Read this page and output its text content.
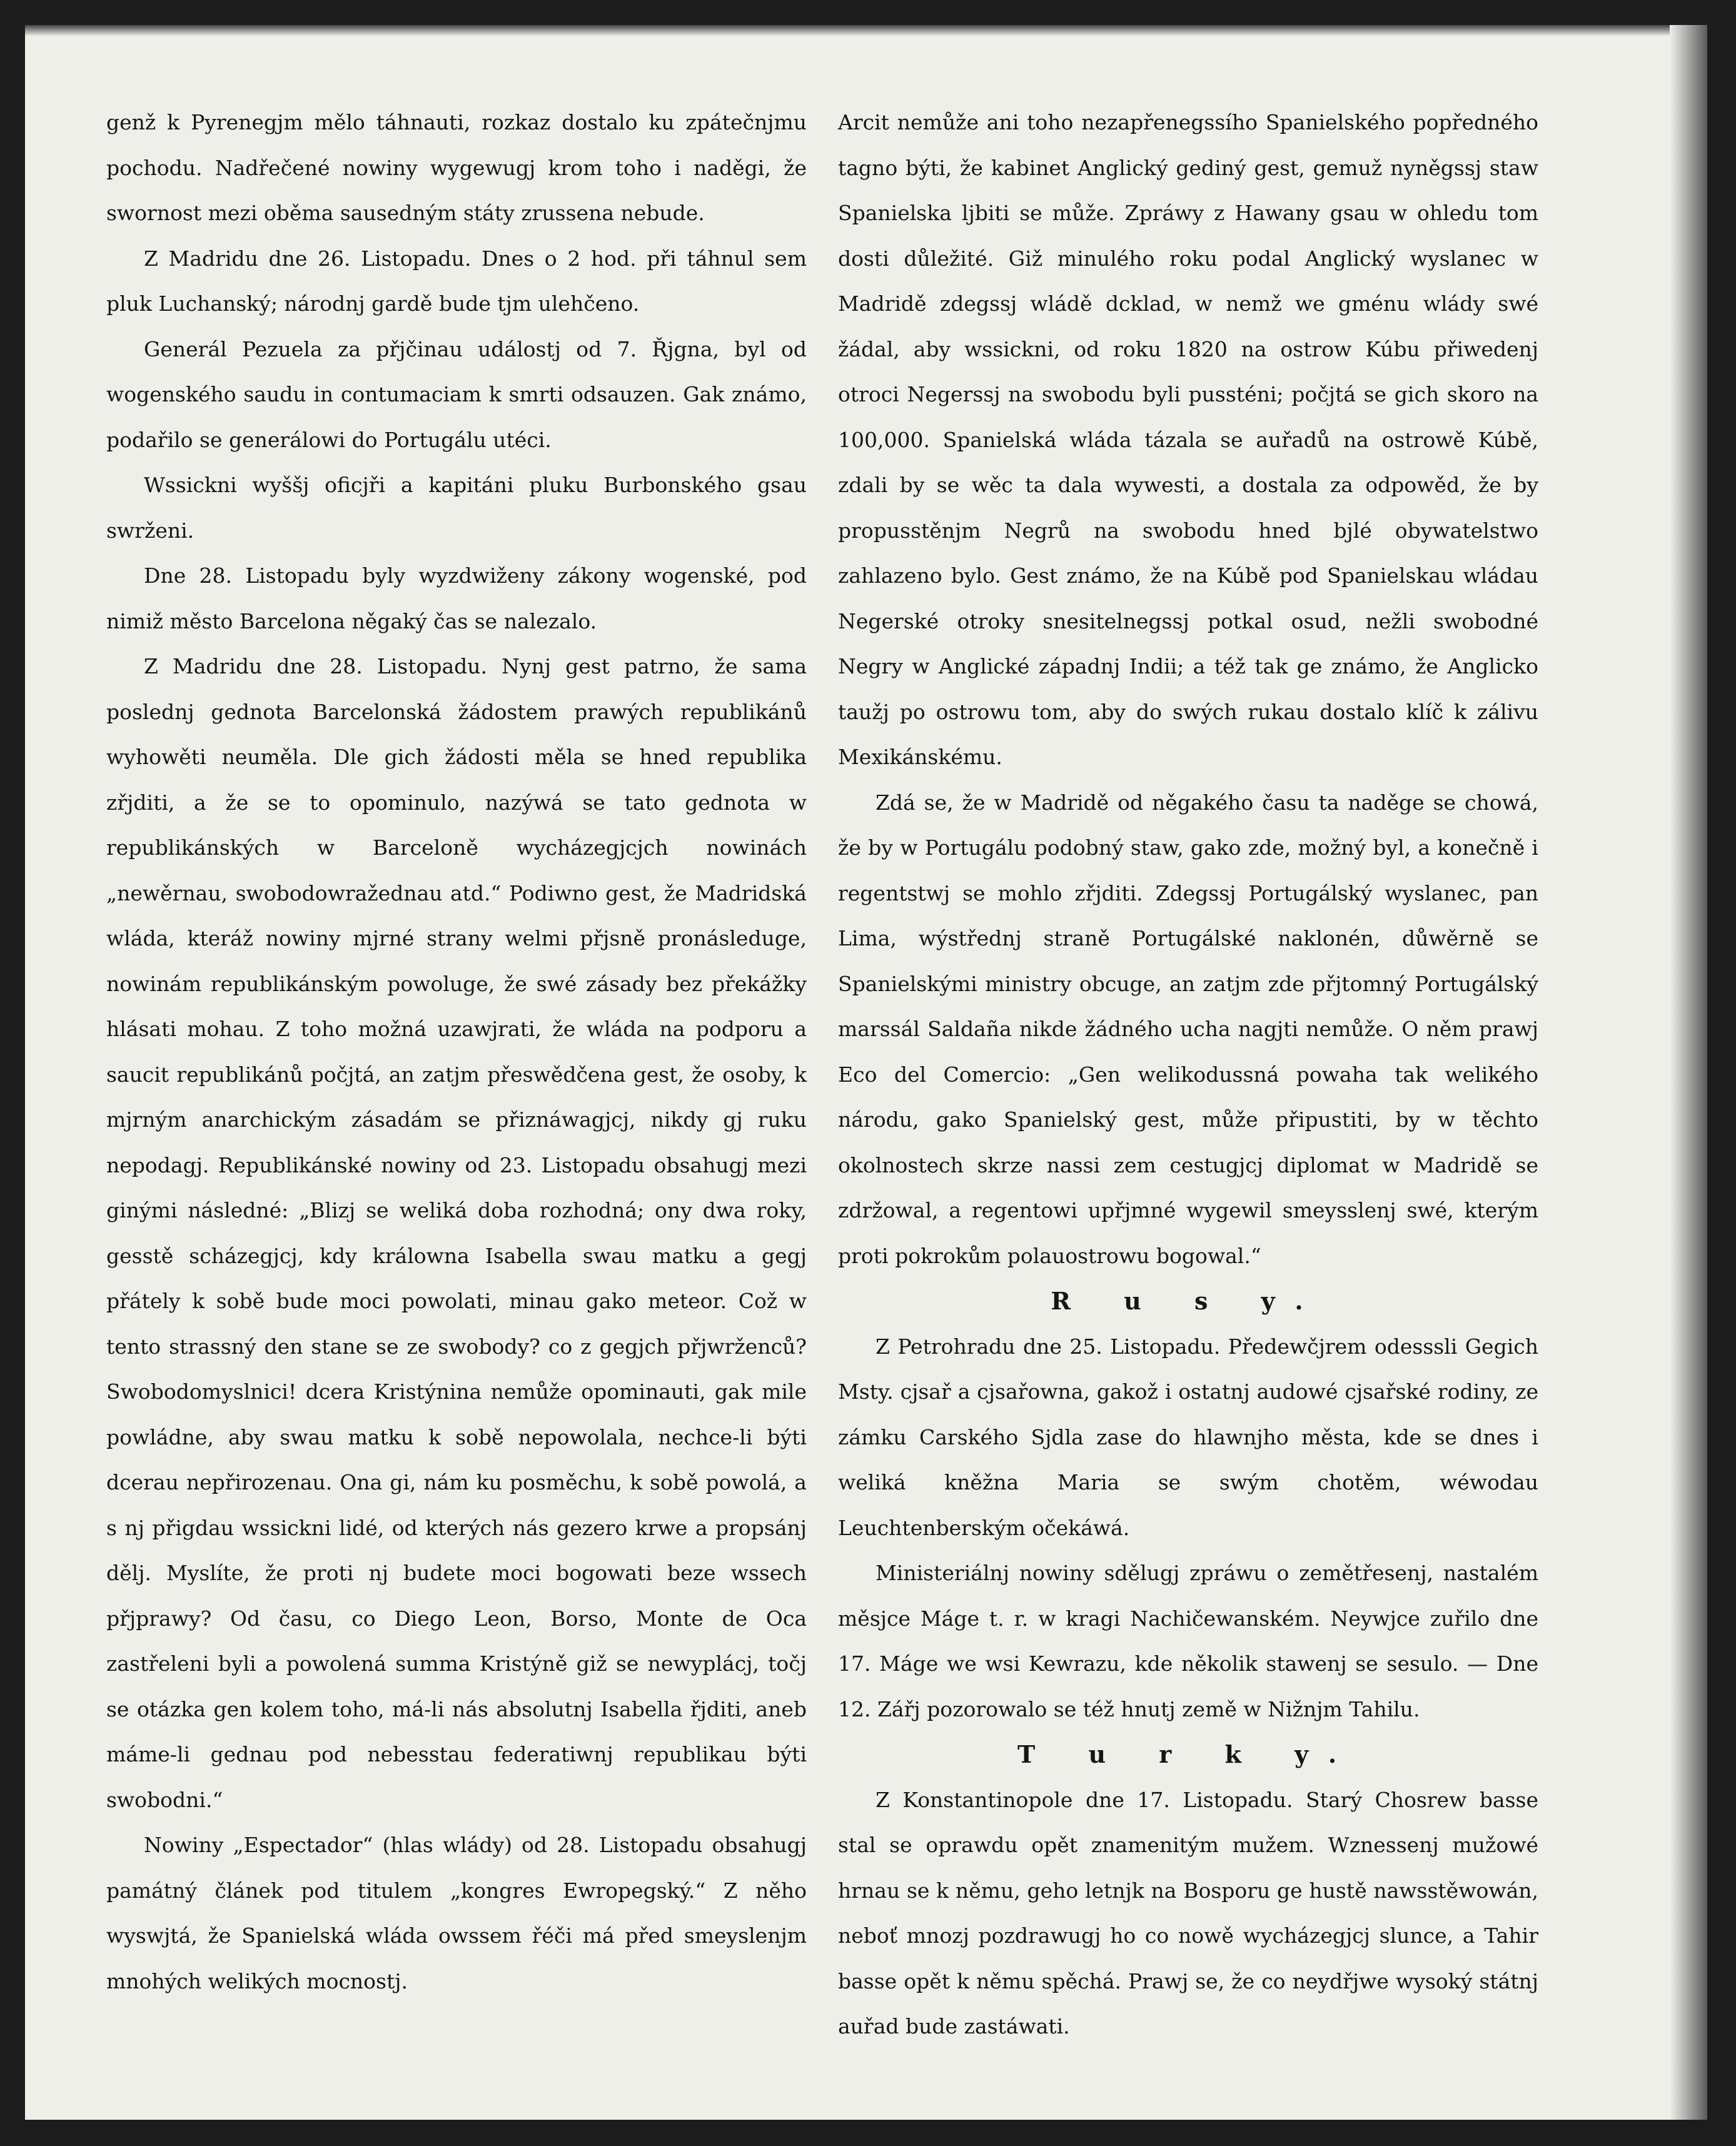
genž k Pyrenegjm mělo táhnauti, rozkaz dostalo ku zpátečnjmu pochodu. Nadřečené nowiny wygewugj krom toho i naděgi, že swornost mezi oběma sausedným státy zrussena nebude.

Z Madridu dne 26. Listopadu. Dnes o 2 hod. při táhnul sem pluk Luchanský; národnj gardě bude tjm ulehčeno.

Generál Pezuela za přjčinau událostj od 7. Řjgna, byl od wogenského saudu in contumaciam k smrti odsauzen. Gak známo, podařilo se generálowi do Portugálu utéci.

Wssickni wyššj oficjři a kapitáni pluku Burbonského gsau swrženi.

Dne 28. Listopadu byly wyzdwiženy zákony wogenské, pod nimiž město Barcelona něgaký čas se nalezalo.

Z Madridu dne 28. Listopadu. Nynj gest patrno, že sama poslednj gednota Barcelonská žádostem prawých republikánů wyhowěti neuměla. Dle gich žádosti měla se hned republika zřjditi, a že se to opominulo, nazýwá se tato gednota w republikánských w Barceloně wycházegjcjch nowinách „newěrnau, swobodowražednau atd.“ Podiwno gest, že Madridská wláda, kteráž nowiny mjrné strany welmi přjsně pronásleduge, nowinám republikánským powoluge, že swé zásady bez překážky hlásati mohau. Z toho možná uzawjrati, že wláda na podporu a saucit republikánů počjtá, an zatjm přeswědčena gest, že osoby, k mjrným anarchickým zásadám se přiznáwagjcj, nikdy gj ruku nepodagj. Republikánské nowiny od 23. Listopadu obsahugj mezi ginými následné: „Blizj se weliká doba rozhodná; ony dwa roky, gesstě scházegjcj, kdy králowna Isabella swau matku a gegj přátely k sobě bude moci powolati, minau gako meteor. Což w tento strassný den stane se ze swobody? co z gegjch přjwrženců? Swobodomyslnici! dcera Kristýnina nemůže opominauti, gak mile powládne, aby swau matku k sobě nepowolala, nechce-li býti dcerau nepřirozenau. Ona gi, nám ku posměchu, k sobě powolá, a s nj přigdau wssickni lidé, od kterých nás gezero krwe a propsánj dělj. Myslíte, že proti nj budete moci bogowati beze wssech přjprawy? Od času, co Diego Leon, Borso, Monte de Oca zastřeleni byli a powolená summa Kristýně giž se newyplácj, točj se otázka gen kolem toho, má-li nás absolutnj Isabella řjditi, aneb máme-li gednau pod nebesstau federatiwnj republikau býti swobodni.“

Nowiny „Espectador“ (hlas wlády) od 28. Listopadu obsahugj památný článek pod titulem „kongres Ewropegský.“ Z něho wyswjtá, že Spanielská wláda owssem řéči má před smeyslenjm mnohých welikých mocnostj.

Arcit nemůže ani toho nezapřenegssího Spanielského popředného tagno býti, že kabinet Anglický gediný gest, gemuž nyněgssj staw Spanielska ljbiti se může. Zpráwy z Hawany gsau w ohledu tom dosti důležité. Giž minulého roku podal Anglický wyslanec w Madridě zdegssj wládě dcklad, w nemž we gménu wlády swé žádal, aby wssickni, od roku 1820 na ostrow Kúbu přiwedenj otroci Negerssj na swobodu byli pussténi; počjtá se gich skoro na 100,000. Spanielská wláda tázala se auřadů na ostrowě Kúbě, zdali by se wěc ta dala wywesti, a dostala za odpowěd, že by propusstěnjm Negrů na swobodu hned bjlé obywatelstwo zahlazeno bylo. Gest známo, že na Kúbě pod Spanielskau wládau Negerské otroky snesitelnegssj potkal osud, nežli swobodné Negry w Anglické západnj Indii; a též tak ge známo, že Anglicko taužj po ostrowu tom, aby do swých rukau dostalo klíč k zálivu Mexikánskému.

Zdá se, že w Madridě od něgakého času ta naděge se chowá, že by w Portugálu podobný staw, gako zde, možný byl, a konečně i regentstwj se mohlo zřjditi. Zdegssj Portugálský wyslanec, pan Lima, wýstřednj straně Portugálské naklonén, důwěrně se Spanielskými ministry obcuge, an zatjm zde přjtomný Portugálský marssál Saldaña nikde žádného ucha nagjti nemůže. O něm prawj Eco del Comercio: „Gen welikodussná powaha tak welikého národu, gako Spanielský gest, může připustiti, by w těchto okolnostech skrze nassi zem cestugjcj diplomat w Madridě se zdržowal, a regentowi upřjmné wygewil smeysslenj swé, kterým proti pokrokům polauostrowu bogowal.“

R u s y.

Z Petrohradu dne 25. Listopadu. Předewčjrem odesssli Gegich Msty. cjsař a cjsařowna, gakož i ostatnj audowé cjsařské rodiny, ze zámku Carského Sjdla zase do hlawnjho města, kde se dnes i weliká kněžna Maria se swým chotěm, wéwodau Leuchtenberským očekáwá.

Ministeriálnj nowiny sdělugj zpráwu o zemětřesenj, nastalém měsjce Máge t. r. w kragi Nachičewanském. Neywjce zuřilo dne 17. Máge we wsi Kewrazu, kde několik stawenj se sesulo. — Dne 12. Zářj pozorowalo se též hnutj země w Nižnjm Tahilu.

T u r k y.

Z Konstantinopole dne 17. Listopadu. Starý Chosrew basse stal se oprawdu opět znamenitým mužem. Wznessenj mužowé hrnau se k němu, geho letnjk na Bosporu ge hustě nawsstěwowán, neboť mnozj pozdrawugj ho co nowě wycházegjcj slunce, a Tahir basse opět k němu spěchá. Prawj se, že co neydřjwe wysoký státnj auřad bude zastáwati.
